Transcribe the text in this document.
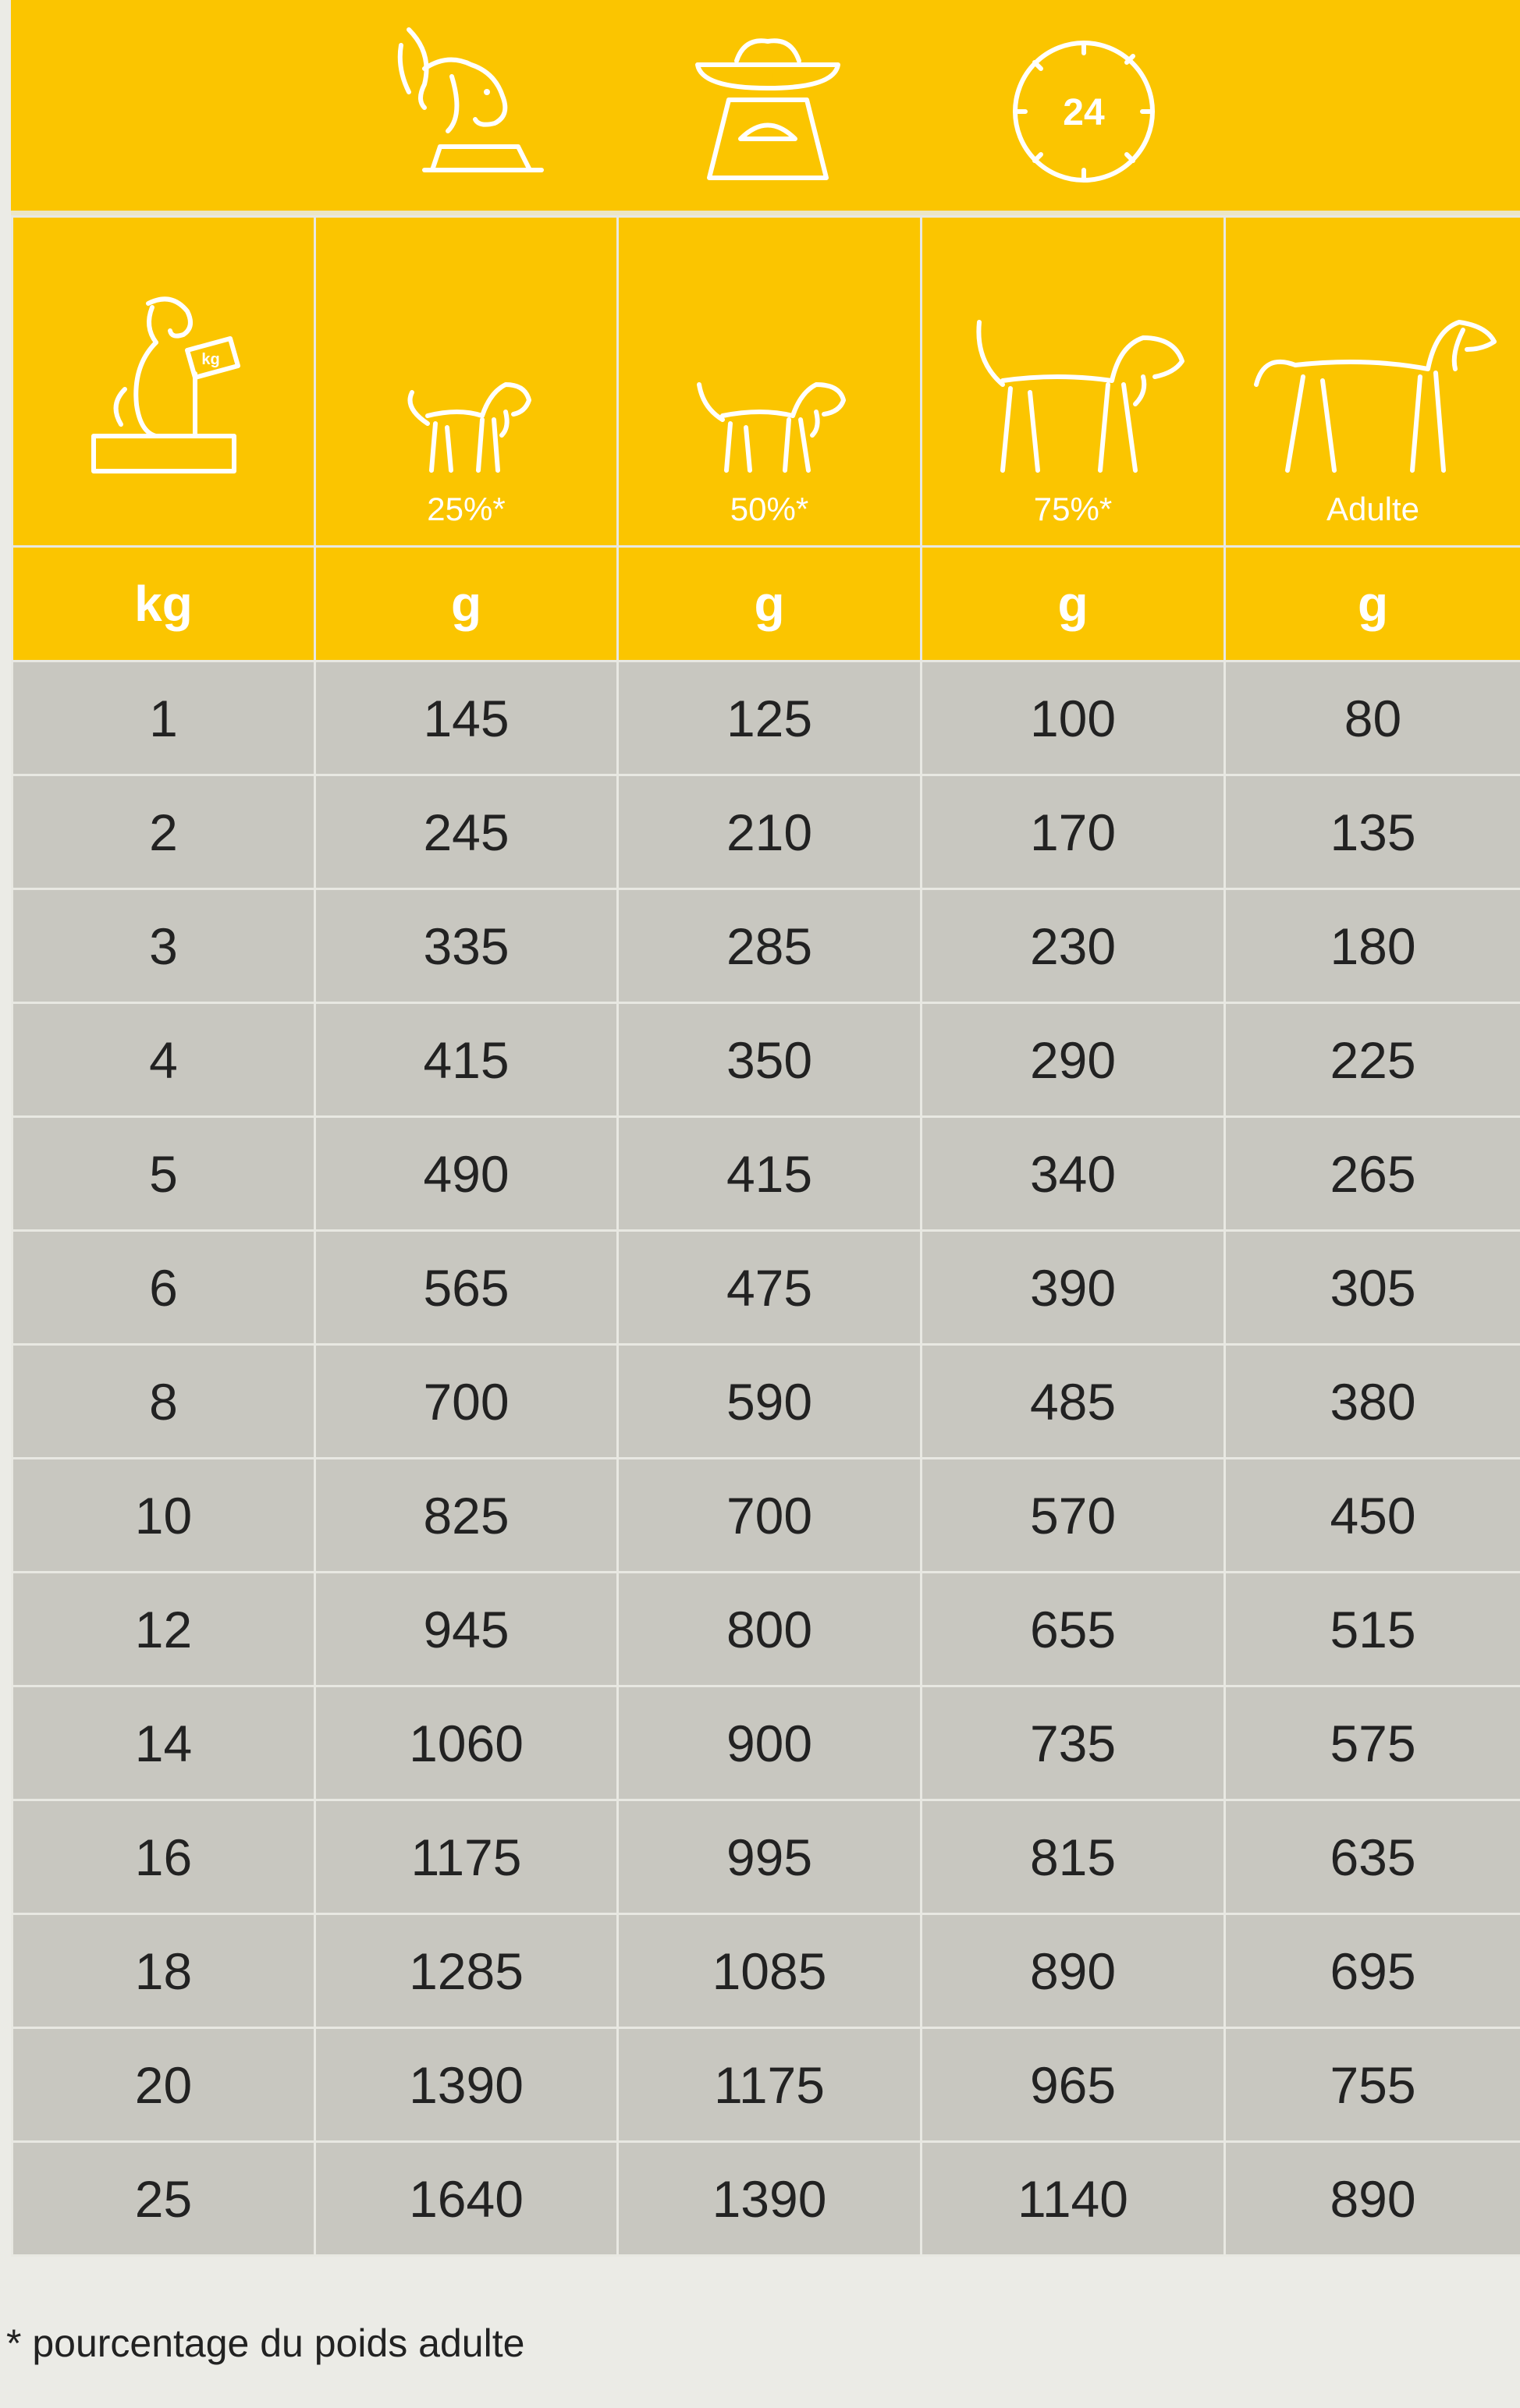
g
24
kg	25%*	50%*	75%*	Adulte

kg	g	g	g	g
1	145	125	100	80
2	245	210	170	135
3	335	285	230	180
4	415	350	290	225
5	490	415	340	265
6	565	475	390	305
8	700	590	485	380
10	825	700	570	450
12	945	800	655	515
14	1060	900	735	575
16	1175	995	815	635
18	1285	1085	890	695
20	1390	1175	965	755
25	1640	1390	1140	890
* pourcentage du poids adulte
